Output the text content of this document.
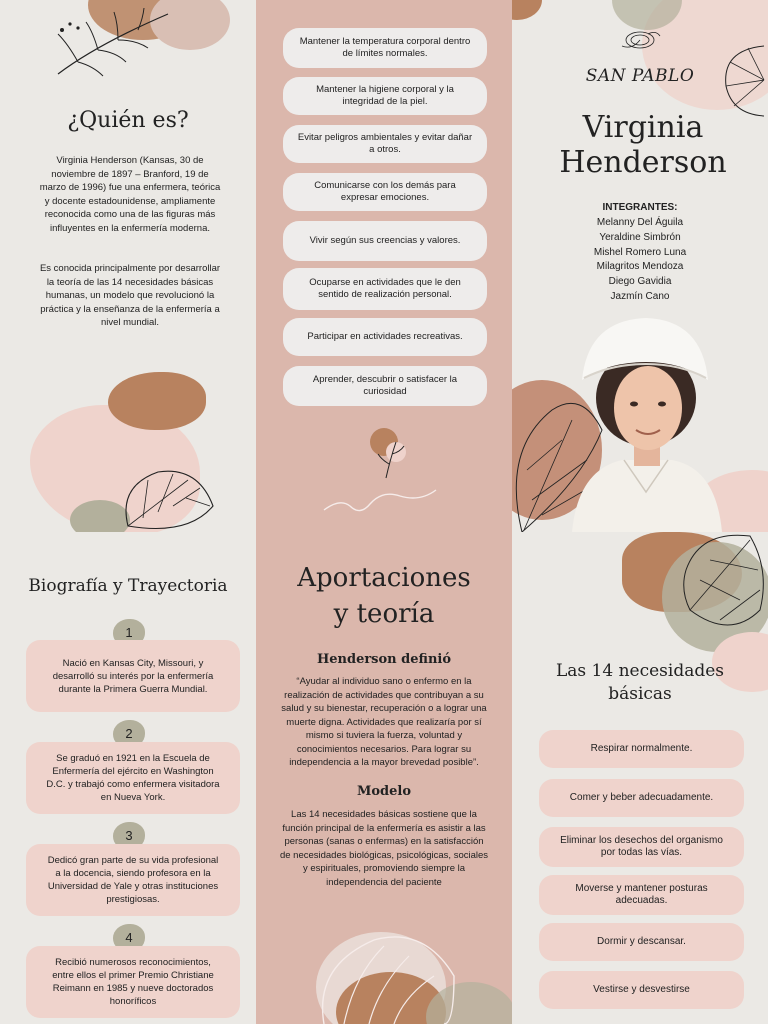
¿Quién es?

Virginia Henderson (Kansas, 30 de noviembre de 1897 – Branford, 19 de marzo de 1996) fue una enfermera, teórica y docente estadounidense, ampliamente reconocida como una de las figuras más influyentes en la enfermería moderna.

Es conocida principalmente por desarrollar la teoría de las 14 necesidades básicas humanas, un modelo que revolucionó la práctica y la enseñanza de la enfermería a nivel mundial.

Mantener la temperatura corporal dentro de límites normales.
Mantener la higiene corporal y la integridad de la piel.
Evitar peligros ambientales y evitar dañar a otros.
Comunicarse con los demás para expresar emociones.
Vivir según sus creencias y valores.
Ocuparse en actividades que le den sentido de realización personal.
Participar en actividades recreativas.
Aprender, descubrir o satisfacer la curiosidad
SAN PABLO
Virginia
Henderson
INTEGRANTES:
Melanny Del Águila
Yeraldine Simbrón
Mishel Romero Luna
Milagritos Mendoza
Diego Gavidia
Jazmín Cano
Biografía y Trayectoria
1
Nació en Kansas City, Missouri, y desarrolló su interés por la enfermería durante la Primera Guerra Mundial.
2
Se graduó en 1921 en la Escuela de Enfermería del ejército en Washington D.C. y trabajó como enfermera visitadora en Nueva York.
3
Dedicó gran parte de su vida profesional a la docencia, siendo profesora en la Universidad de Yale y otras instituciones prestigiosas.
4
Recibió numerosos reconocimientos, entre ellos el primer Premio Christiane Reimann en 1985 y nueve doctorados honoríficos
Aportaciones
y teoría
Henderson definió

“Ayudar al individuo sano o enfermo en la realización de actividades que contribuyan a su salud y su bienestar, recuperación o a lograr una muerte digna. Actividades que realizaría por sí mismo si tuviera la fuerza, voluntad y conocimientos necesarios. Para lograr su independencia a la mayor brevedad posible”.

Modelo

Las 14 necesidades básicas sostiene que la función principal de la enfermería es asistir a las personas (sanas o enfermas) en la satisfacción de necesidades biológicas, psicológicas, sociales y espirituales, promoviendo siempre la independencia del paciente

Las 14 necesidades
básicas
Respirar normalmente.
Comer y beber adecuadamente.
Eliminar los desechos del organismo por todas las vías.
Moverse y mantener posturas adecuadas.
Dormir y descansar.
Vestirse y desvestirse
